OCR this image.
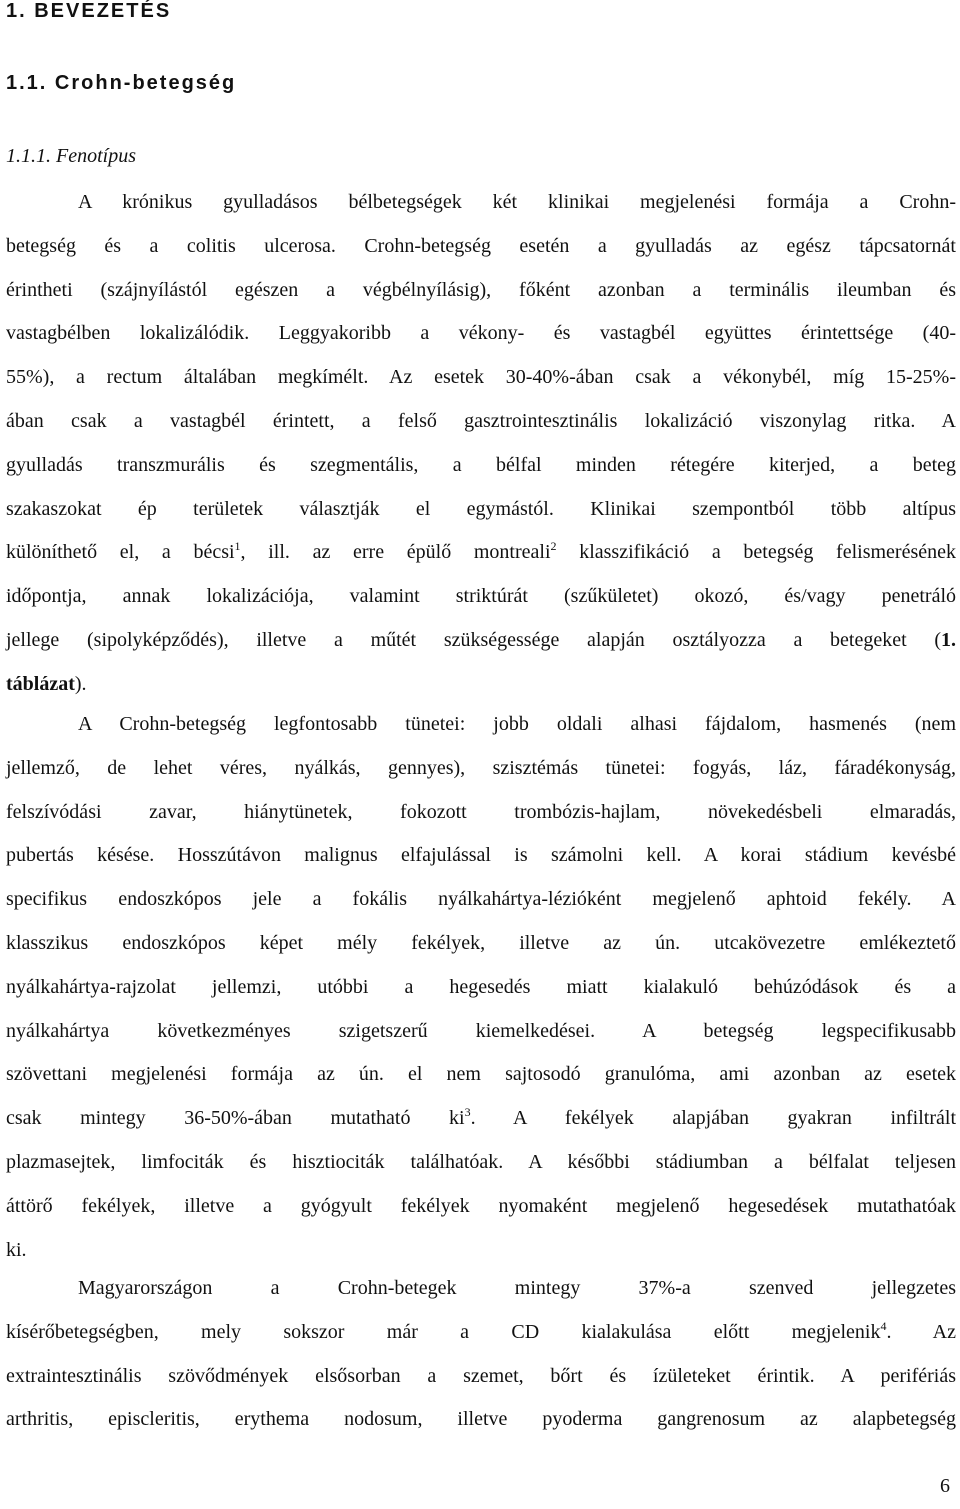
1. BEVEZETÉS
1.1. Crohn-betegség
1.1.1. Fenotípus
A krónikus gyulladásos bélbetegségek két klinikai megjelenési formája a Crohn-
betegség és a colitis ulcerosa. Crohn-betegség esetén a gyulladás az egész tápcsatornát
érintheti (szájnyílástól egészen a végbélnyílásig), főként azonban a terminális ileumban és
vastagbélben lokalizálódik. Leggyakoribb a vékony- és vastagbél együttes érintettsége (40-
55%), a rectum általában megkímélt. Az esetek 30-40%-ában csak a vékonybél, míg 15-25%-
ában csak a vastagbél érintett, a felső gasztrointesztinális lokalizáció viszonylag ritka. A
gyulladás transzmurális és szegmentális, a bélfal minden rétegére kiterjed, a beteg
szakaszokat ép területek választják el egymástól. Klinikai szempontból több altípus
különíthető el, a bécsi$^1$, ill. az erre épülő montreali$^2$ klasszifikáció a betegség felismerésének
időpontja, annak lokalizációja, valamint striktúrát (szűkületet) okozó, és/vagy penetráló
jellege (sipolyképződés), illetve a műtét szükségessége alapján osztályozza a betegeket (1.
táblázat).
A Crohn-betegség legfontosabb tünetei: jobb oldali alhasi fájdalom, hasmenés (nem
jellemző, de lehet véres, nyálkás, gennyes), szisztémás tünetei: fogyás, láz, fáradékonyság,
felszívódási zavar, hiánytünetek, fokozott trombózis-hajlam, növekedésbeli elmaradás,
pubertás késése. Hosszútávon malignus elfajulással is számolni kell. A korai stádium kevésbé
specifikus endoszkópos jele a fokális nyálkahártya-lézióként megjelenő aphtoid fekély. A
klasszikus endoszkópos képet mély fekélyek, illetve az ún. utcakövezetre emlékeztető
nyálkahártya-rajzolat jellemzi, utóbbi a hegesedés miatt kialakuló behúzódások és a
nyálkahártya következményes szigetszerű kiemelkedései. A betegség legspecifikusabb
szövettani megjelenési formája az ún. el nem sajtosodó granulóma, ami azonban az esetek
csak mintegy 36-50%-ában mutatható $ki^3$. A fekélyek alapjában gyakran infiltrált
plazmasejtek, limfociták és hisztiociták találhatóak. A későbbi stádiumban a bélfalat teljesen
áttörő fekélyek, illetve a gyógyult fekélyek nyomaként megjelenő hegesedések mutathatóak
ki.
Magyarországon a Crohn-betegek mintegy 37%-a szenved jellegzetes
kísérőbetegségben, mely sokszor már a CD kialakulása előtt megjelenik$^4$. Az
extraintesztinális szövődmények elsősorban a szemet, bőrt és ízületeket érintik. A perifériás
arthritis, episcleritis, erythema nodosum, illetve pyoderma gangrenosum az alapbetegség
6
